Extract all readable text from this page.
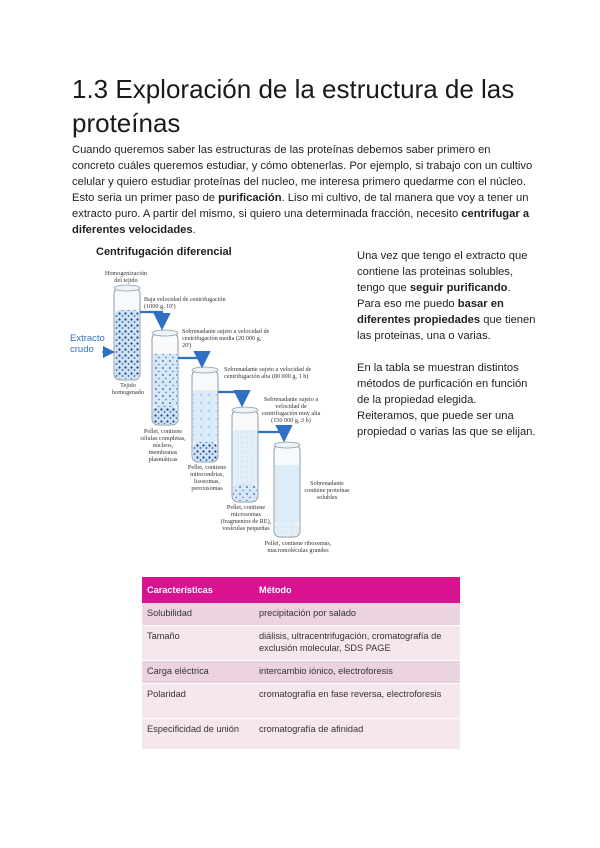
1.3 Exploración de la estructura de las proteínas

Cuando queremos saber las estructuras de las proteínas debemos saber primero en concreto cuáles queremos estudiar, y cómo obtenerlas. Por ejemplo, si trabajo con un cultivo celular y quiero estudiar proteínas del nucleo, me interesa primero quedarme con el núcleo. Esto seria un primer paso de purificación. Liso mi cultivo, de tal manera que voy a tener un extracto puro. A partir del mismo, si quiero una determinada fracción, necesito centrifugar a diferentes velocidades.

Centrifugación diferencial
Extracto crudo
Homogenización del tejido
Tejido homogenado
Baja velocidad de centrifugación (1000 g, 10')
Sobrenadante sujeto a velocidad de centrifugación media (20 000 g, 20')
Pellet, contiene células completas, núcleos, membranas plasmáticas
Sobrenadante sujeto a velocidad de centrifugación alta (80 000 g, 1 h)
Pellet, contiene mitocondrias, lisosomas, peroxisomas
Sobrenadante sujeto a velocidad de centrifugación muy alta (150 000 g, 3 h)
Pellet, contiene microsomas (fragmentos de RE), vesículas pequeñas
Sobrenadante contiene proteínas solubles
Pellet, contiene ribosomas, macromoléculas grandes

Una vez que tengo el extracto que contiene las proteinas solubles, tengo que seguir purificando. Para eso me puedo basar en diferentes propiedades que tienen las proteinas, una o varias.

En la tabla se muestran distintos métodos de purficación en función de la propiedad elegida. Reiteramos, que puede ser una propiedad o varias las que se elijan.

Características	Método
Solubilidad	precipitación por salado
Tamaño	diálisis, ultracentrifugación, cromatografía de exclusión molecular, SDS PAGE
Carga eléctrica	intercambio iónico, electroforesis
Polaridad	cromatografía en fase reversa, electroforesis
Especificidad de unión	cromatografía de afinidad
